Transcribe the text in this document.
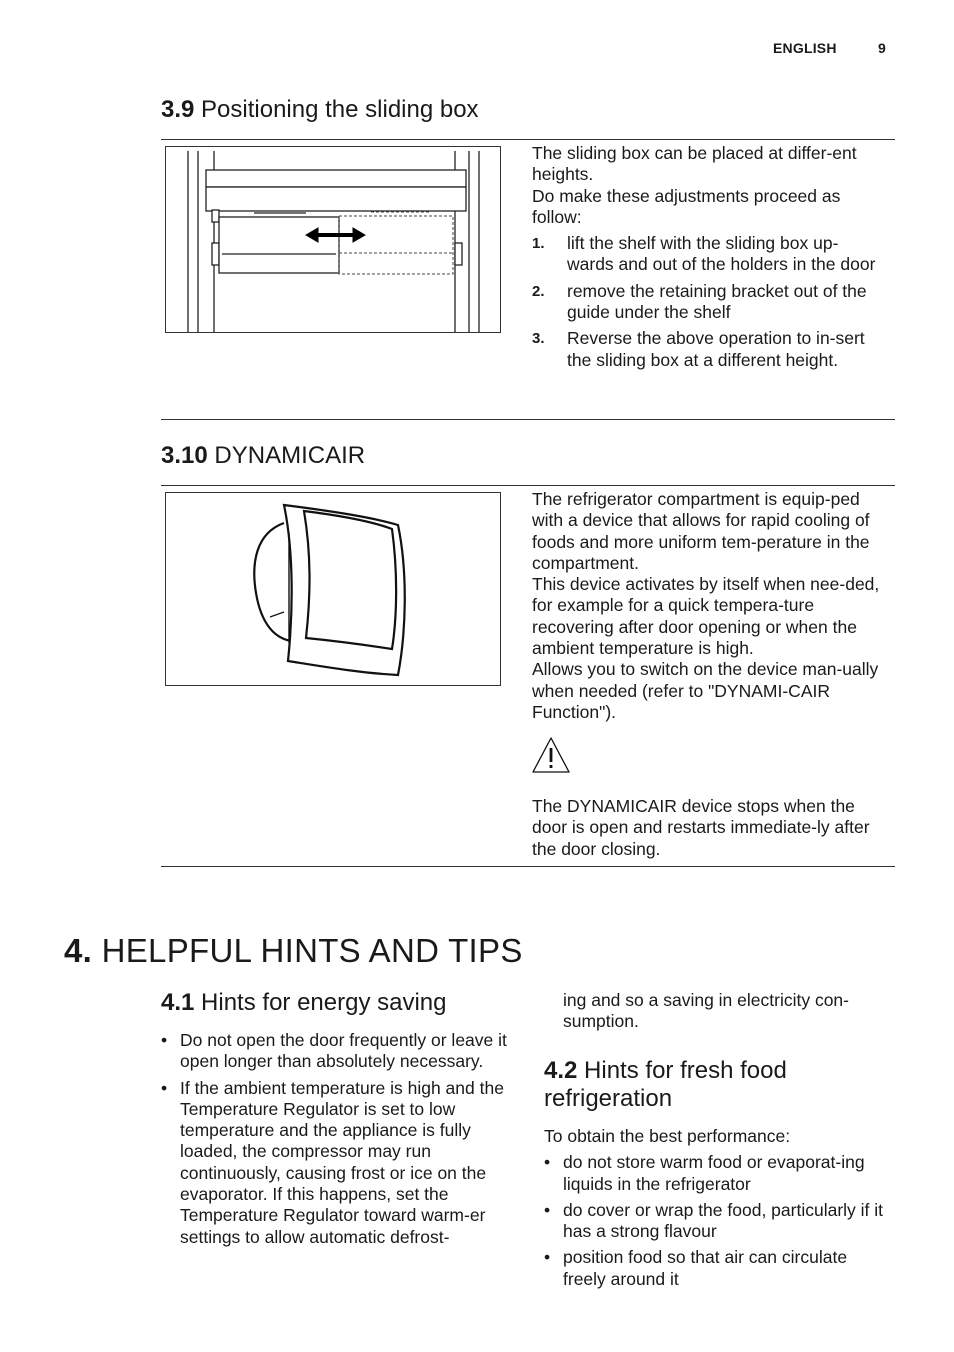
ENGLISH	9
3.9 Positioning the sliding box

The sliding box can be placed at differ-ent heights.

Do make these adjustments proceed as follow:

1. lift the shelf with the sliding box up-wards and out of the holders in the door
2. remove the retaining bracket out of the guide under the shelf
3. Reverse the above operation to in-sert the sliding box at a different height.
3.10 DYNAMICAIR

The refrigerator compartment is equip-ped with a device that allows for rapid cooling of foods and more uniform tem-perature in the compartment.

This device activates by itself when nee-ded, for example for a quick tempera-ture recovering after door opening or when the ambient temperature is high.

Allows you to switch on the device man-ually when needed (refer to "DYNAMI-CAIR Function").

The DYNAMICAIR device stops when the door is open and restarts immediate-ly after the door closing.
4. HELPFUL HINTS AND TIPS
4.1 Hints for energy saving
• Do not open the door frequently or leave it open longer than absolutely necessary.
• If the ambient temperature is high and the Temperature Regulator is set to low temperature and the appliance is fully loaded, the compressor may run continuously, causing frost or ice on the evaporator. If this happens, set the Temperature Regulator toward warm-er settings to allow automatic defrost-
ing and so a saving in electricity con-sumption.
4.2 Hints for fresh food refrigeration

To obtain the best performance:

• do not store warm food or evaporat-ing liquids in the refrigerator
• do cover or wrap the food, particularly if it has a strong flavour
• position food so that air can circulate freely around it
